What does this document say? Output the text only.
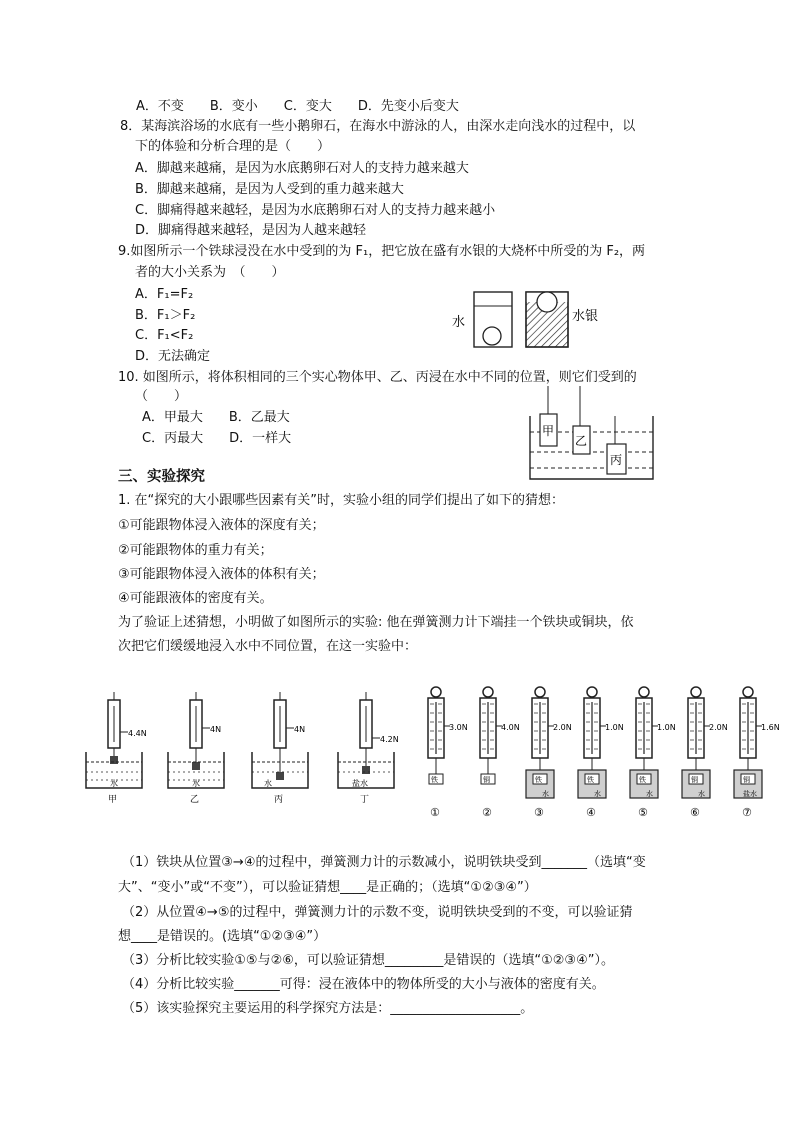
A．不变　　B．变小　　C．变大　　D．先变小后变大
8．某海滨浴场的水底有一些小鹅卵石，在海水中游泳的人，由深水走向浅水的过程中，以
下的体验和分析合理的是（　　）
A．脚越来越痛，是因为水底鹅卵石对人的支持力越来越大
B．脚越来越痛，是因为人受到的重力越来越大
C．脚痛得越来越轻，是因为水底鹅卵石对人的支持力越来越小
D．脚痛得越来越轻，是因为人越来越轻
9.如图所示一个铁球浸没在水中受到的为 F₁，把它放在盛有水银的大烧杯中所受的为 F₂，两
者的大小关系为　（　　）
A．F₁=F₂
B．F₁＞F₂
C．F₁<F₂
D．无法确定
水	水银
10. 如图所示，将体积相同的三个实心物体甲、乙、丙浸在水中不同的位置，则它们受到的
（　　）
A．甲最大　　B．乙最大
C．丙最大　　D．一样大	甲
乙
丙
三、实验探究
1. 在“探究的大小跟哪些因素有关”时，实验小组的同学们提出了如下的猜想：
①可能跟物体浸入液体的深度有关；
②可能跟物体的重力有关；
③可能跟物体浸入液体的体积有关；
④可能跟液体的密度有关。
为了验证上述猜想，小明做了如图所示的实验: 他在弹簧测力计下端挂一个铁块或铜块，依
次把它们缓缓地浸入水中不同位置，在这一实验中：
4.4N
水
甲
4N
水
乙
4N
水
丙
4.2N
盐水
丁
3.0N
铁
①
4.0N
铜
②
2.0N
水
铁
③
1.0N
水
铁
④
1.0N
水
铁
⑤
2.0N
水
铜
⑥
1.6N
盐水
铜
⑦
（1）铁块从位置③→④的过程中，弹簧测力计的示数减小，说明铁块受到_______（选填“变
大”、“变小”或“不变”），可以验证猜想____是正确的；（选填“①②③④”）
（2）从位置④→⑤的过程中，弹簧测力计的示数不变，说明铁块受到的不变，可以验证猜
想____是错误的。(选填“①②③④”）
（3）分析比较实验①⑤与②⑥，可以验证猜想_________是错误的（选填“①②③④”）。
（4）分析比较实验_______可得：浸在液体中的物体所受的大小与液体的密度有关。
（5）该实验探究主要运用的科学探究方法是：____________________。
